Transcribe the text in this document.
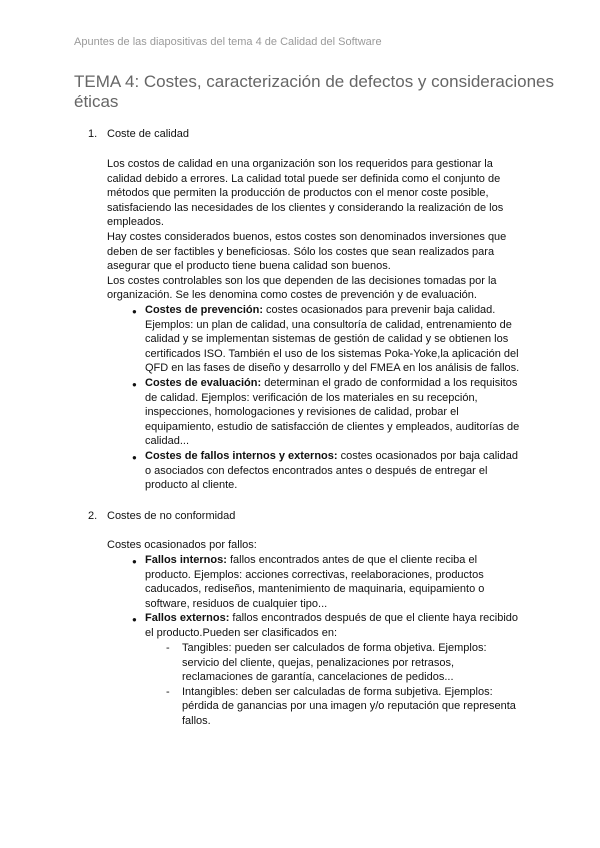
Apuntes de las diapositivas del tema 4 de Calidad del Software
TEMA 4: Costes, caracterización de defectos y consideraciones
éticas
1. Coste de calidad
Los costos de calidad en una organización son los requeridos para gestionar la
calidad debido a errores. La calidad total puede ser definida como el conjunto de
métodos que permiten la producción de productos con el menor coste posible,
satisfaciendo las necesidades de los clientes y considerando la realización de los
empleados.
Hay costes considerados buenos, estos costes son denominados inversiones que
deben de ser factibles y beneficiosas. Sólo los costes que sean realizados para
asegurar que el producto tiene buena calidad son buenos.
Los costes controlables son los que dependen de las decisiones tomadas por la
organización. Se les denomina como costes de prevención y de evaluación.
● Costes de prevención: costes ocasionados para prevenir baja calidad.
Ejemplos: un plan de calidad, una consultoría de calidad, entrenamiento de
calidad y se implementan sistemas de gestión de calidad y se obtienen los
certificados ISO. También el uso de los sistemas Poka-Yoke,la aplicación del
QFD en las fases de diseño y desarrollo y del FMEA en los análisis de fallos.
● Costes de evaluación: determinan el grado de conformidad a los requisitos
de calidad. Ejemplos: verificación de los materiales en su recepción,
inspecciones, homologaciones y revisiones de calidad, probar el
equipamiento, estudio de satisfacción de clientes y empleados, auditorías de
calidad...
● Costes de fallos internos y externos: costes ocasionados por baja calidad
o asociados con defectos encontrados antes o después de entregar el
producto al cliente.
2. Costes de no conformidad
Costes ocasionados por fallos:
● Fallos internos: fallos encontrados antes de que el cliente reciba el
producto. Ejemplos: acciones correctivas, reelaboraciones, productos
caducados, rediseños, mantenimiento de maquinaria, equipamiento o
software, residuos de cualquier tipo...
● Fallos externos: fallos encontrados después de que el cliente haya recibido
el producto.Pueden ser clasificados en:
- Tangibles: pueden ser calculados de forma objetiva. Ejemplos:
servicio del cliente, quejas, penalizaciones por retrasos,
reclamaciones de garantía, cancelaciones de pedidos...
- Intangibles: deben ser calculadas de forma subjetiva. Ejemplos:
pérdida de ganancias por una imagen y/o reputación que representa
fallos.
